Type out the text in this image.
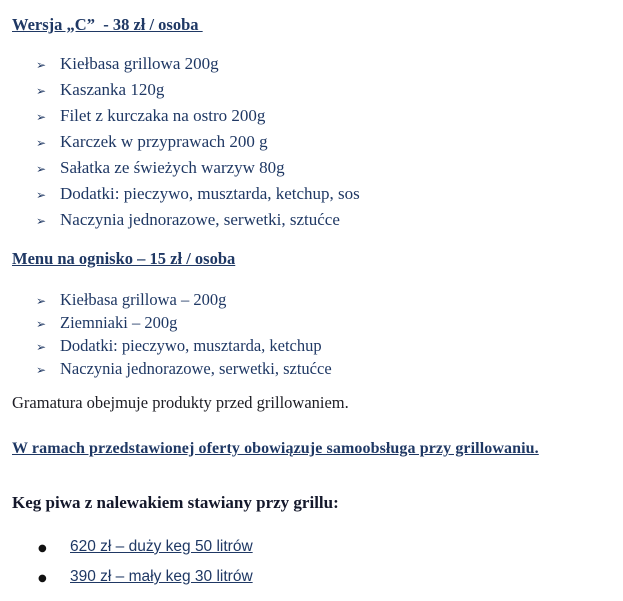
Wersja „C”  - 38 zł / osoba
➢ Kiełbasa grillowa 200g
➢ Kaszanka 120g
➢ Filet z kurczaka na ostro 200g
➢ Karczek w przyprawach 200 g
➢ Sałatka ze świeżych warzyw 80g
➢ Dodatki: pieczywo, musztarda, ketchup, sos
➢ Naczynia jednorazowe, serwetki, sztućce
Menu na ognisko – 15 zł / osoba
➢ Kiełbasa grillowa – 200g
➢ Ziemniaki – 200g
➢ Dodatki: pieczywo, musztarda, ketchup
➢ Naczynia jednorazowe, serwetki, sztućce

Gramatura obejmuje produkty przed grillowaniem.

W ramach przedstawionej oferty obowiązuje samoobsługa przy grillowaniu.
Keg piwa z nalewakiem stawiany przy grillu:
●	620 zł – duży keg 50 litrów
●	390 zł – mały keg 30 litrów
